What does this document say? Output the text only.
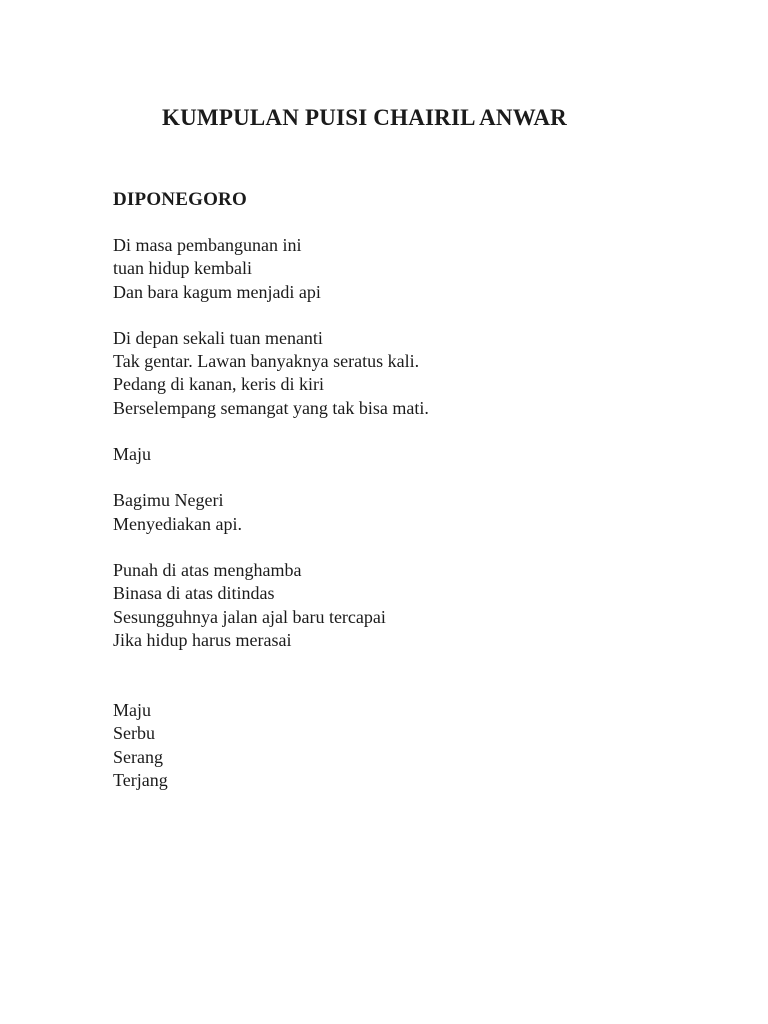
KUMPULAN PUISI CHAIRIL ANWAR
DIPONEGORO
Di masa pembangunan ini
tuan hidup kembali
Dan bara kagum menjadi api
Di depan sekali tuan menanti
Tak gentar. Lawan banyaknya seratus kali.
Pedang di kanan, keris di kiri
Berselempang semangat yang tak bisa mati.
Maju
Bagimu Negeri
Menyediakan api.
Punah di atas menghamba
Binasa di atas ditindas
Sesungguhnya jalan ajal baru tercapai
Jika hidup harus merasai
Maju
Serbu
Serang
Terjang
